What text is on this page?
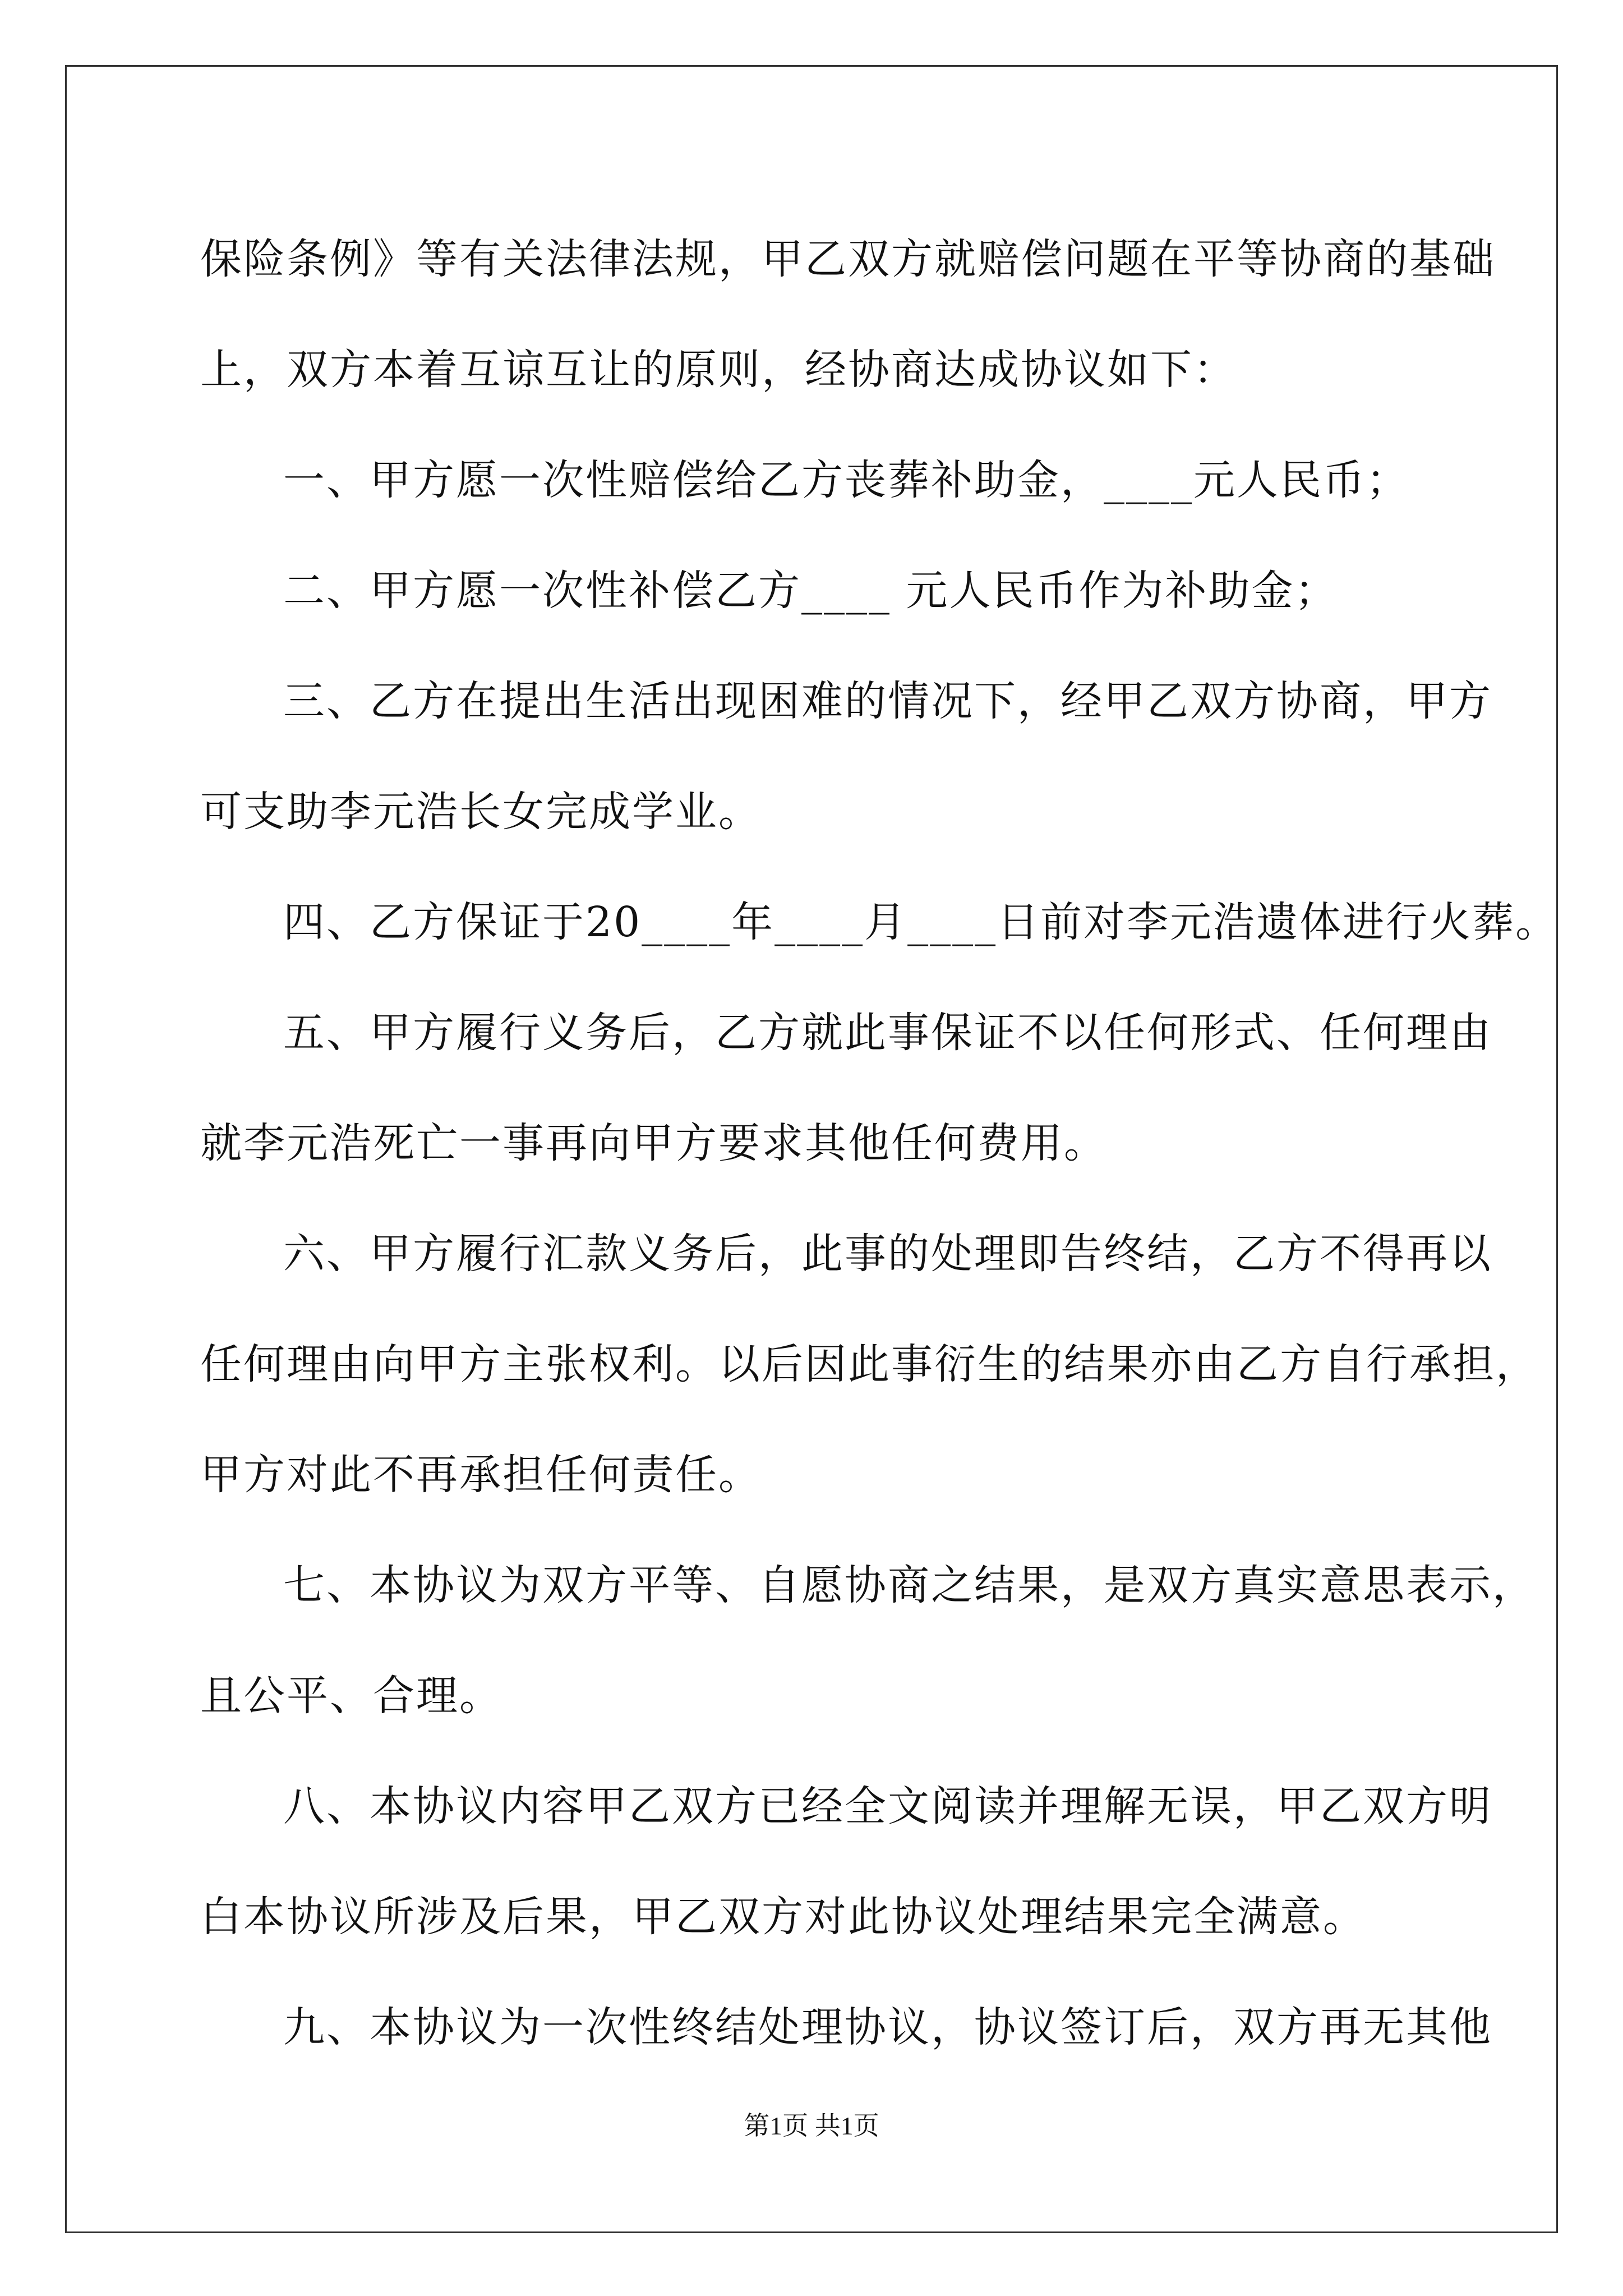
保险条例》等有关法律法规，甲乙双方就赔偿问题在平等协商的基础
上，双方本着互谅互让的原则，经协商达成协议如下：
一、甲方愿一次性赔偿给乙方丧葬补助金，____元人民币；
二、甲方愿一次性补偿乙方____ 元人民币作为补助金；
三、乙方在提出生活出现困难的情况下，经甲乙双方协商，甲方
可支助李元浩长女完成学业。
四、乙方保证于20____年____月____日前对李元浩遗体进行火葬。
五、甲方履行义务后，乙方就此事保证不以任何形式、任何理由
就李元浩死亡一事再向甲方要求其他任何费用。
六、甲方履行汇款义务后，此事的处理即告终结，乙方不得再以
任何理由向甲方主张权利。以后因此事衍生的结果亦由乙方自行承担，
甲方对此不再承担任何责任。
七、本协议为双方平等、自愿协商之结果，是双方真实意思表示，
且公平、合理。
八、本协议内容甲乙双方已经全文阅读并理解无误，甲乙双方明
白本协议所涉及后果，甲乙双方对此协议处理结果完全满意。
九、本协议为一次性终结处理协议，协议签订后，双方再无其他
第1页 共1页
